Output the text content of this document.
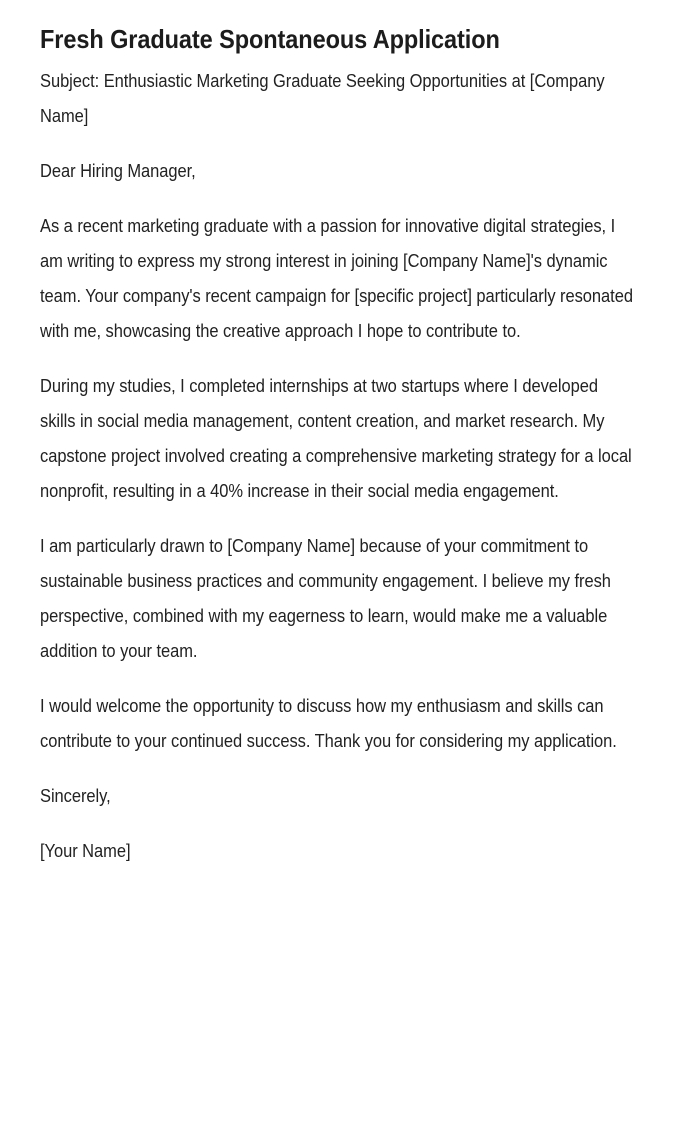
Fresh Graduate Spontaneous Application

Subject: Enthusiastic Marketing Graduate Seeking Opportunities at [Company Name]

Dear Hiring Manager,

As a recent marketing graduate with a passion for innovative digital strategies, I am writing to express my strong interest in joining [Company Name]'s dynamic team. Your company's recent campaign for [specific project] particularly resonated with me, showcasing the creative approach I hope to contribute to.

During my studies, I completed internships at two startups where I developed skills in social media management, content creation, and market research. My capstone project involved creating a comprehensive marketing strategy for a local nonprofit, resulting in a 40% increase in their social media engagement.

I am particularly drawn to [Company Name] because of your commitment to sustainable business practices and community engagement. I believe my fresh perspective, combined with my eagerness to learn, would make me a valuable addition to your team.

I would welcome the opportunity to discuss how my enthusiasm and skills can contribute to your continued success. Thank you for considering my application.

Sincerely,

[Your Name]
